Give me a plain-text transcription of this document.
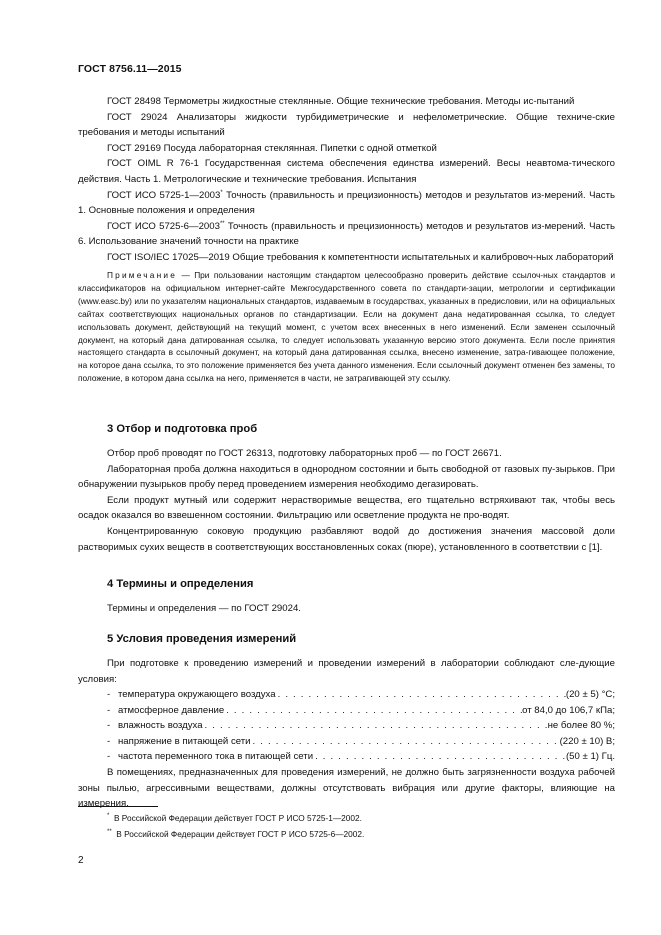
ГОСТ 8756.11—2015

ГОСТ 28498 Термометры жидкостные стеклянные. Общие технические требования. Методы ис-пытаний

ГОСТ 29024 Анализаторы жидкости турбидиметрические и нефелометрические. Общие техниче-ские требования и методы испытаний

ГОСТ 29169 Посуда лабораторная стеклянная. Пипетки с одной отметкой

ГОСТ OIML R 76-1 Государственная система обеспечения единства измерений. Весы неавтома-тического действия. Часть 1. Метрологические и технические требования. Испытания

ГОСТ ИСО 5725-1—2003* Точность (правильность и прецизионность) методов и результатов из-мерений. Часть 1. Основные положения и определения

ГОСТ ИСО 5725-6—2003** Точность (правильность и прецизионность) методов и результатов из-мерений. Часть 6. Использование значений точности на практике

ГОСТ ISO/IEC 17025—2019 Общие требования к компетентности испытательных и калибровоч-ных лабораторий

Примечание — При пользовании настоящим стандартом целесообразно проверить действие ссылоч-ных стандартов и классификаторов на официальном интернет-сайте Межгосударственного совета по стандарти-зации, метрологии и сертификации (www.easc.by) или по указателям национальных стандартов, издаваемым в государствах, указанных в предисловии, или на официальных сайтах соответствующих национальных органов по стандартизации. Если на документ дана недатированная ссылка, то следует использовать документ, действующий на текущий момент, с учетом всех внесенных в него изменений. Если заменен ссылочный документ, на который дана датированная ссылка, то следует использовать указанную версию этого документа. Если после принятия настоящего стандарта в ссылочный документ, на который дана датированная ссылка, внесено изменение, затра-гивающее положение, на которое дана ссылка, то это положение применяется без учета данного изменения. Если ссылочный документ отменен без замены, то положение, в котором дана ссылка на него, применяется в части, не затрагивающей эту ссылку.

3 Отбор и подготовка проб

Отбор проб проводят по ГОСТ 26313, подготовку лабораторных проб — по ГОСТ 26671.

Лабораторная проба должна находиться в однородном состоянии и быть свободной от газовых пу-зырьков. При обнаружении пузырьков пробу перед проведением измерения необходимо дегазировать.

Если продукт мутный или содержит нерастворимые вещества, его тщательно встряхивают так, чтобы весь осадок оказался во взвешенном состоянии. Фильтрацию или осветление продукта не про-водят.

Концентрированную соковую продукцию разбавляют водой до достижения значения массовой доли растворимых сухих веществ в соответствующих восстановленных соках (пюре), установленного в соответствии с [1].

4 Термины и определения

Термины и определения — по ГОСТ 29024.

5 Условия проведения измерений

При подготовке к проведению измерений и проведении измерений в лаборатории соблюдают сле-дующие условия:

- температура окружающего воздуха . . .	(20 ± 5) °С;
- атмосферное давление . . .	от 84,0 до 106,7 кПа;
- влажность воздуха . . .	не более 80 %;
- напряжение в питающей сети . . .	(220 ± 10) В;
- частота переменного тока в питающей сети . . .	(50 ± 1) Гц.

В помещениях, предназначенных для проведения измерений, не должно быть загрязненности воздуха рабочей зоны пылью, агрессивными веществами, должны отсутствовать вибрация или другие факторы, влияющие на измерения.

* В Российской Федерации действует ГОСТ Р ИСО 5725-1—2002.
** В Российской Федерации действует ГОСТ Р ИСО 5725-6—2002.
2
